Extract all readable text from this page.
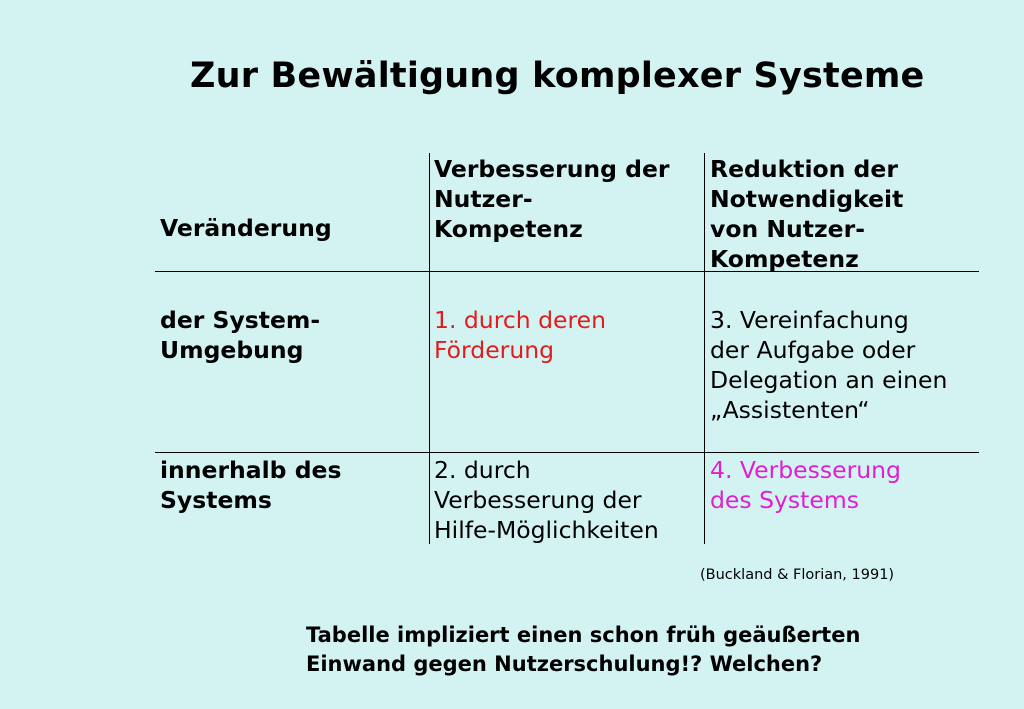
Zur Bewältigung komplexer Systeme
Veränderung
Verbesserung der
Nutzer-
Kompetenz
Reduktion der
Notwendigkeit
von Nutzer-
Kompetenz
der System-
Umgebung
1. durch deren
Förderung
3. Vereinfachung
der Aufgabe oder
Delegation an einen
„Assistenten“
innerhalb des
Systems
2. durch
Verbesserung der
Hilfe-Möglichkeiten
4. Verbesserung
des Systems
(Buckland & Florian, 1991)
Tabelle impliziert einen schon früh geäußerten
Einwand gegen Nutzerschulung!? Welchen?
